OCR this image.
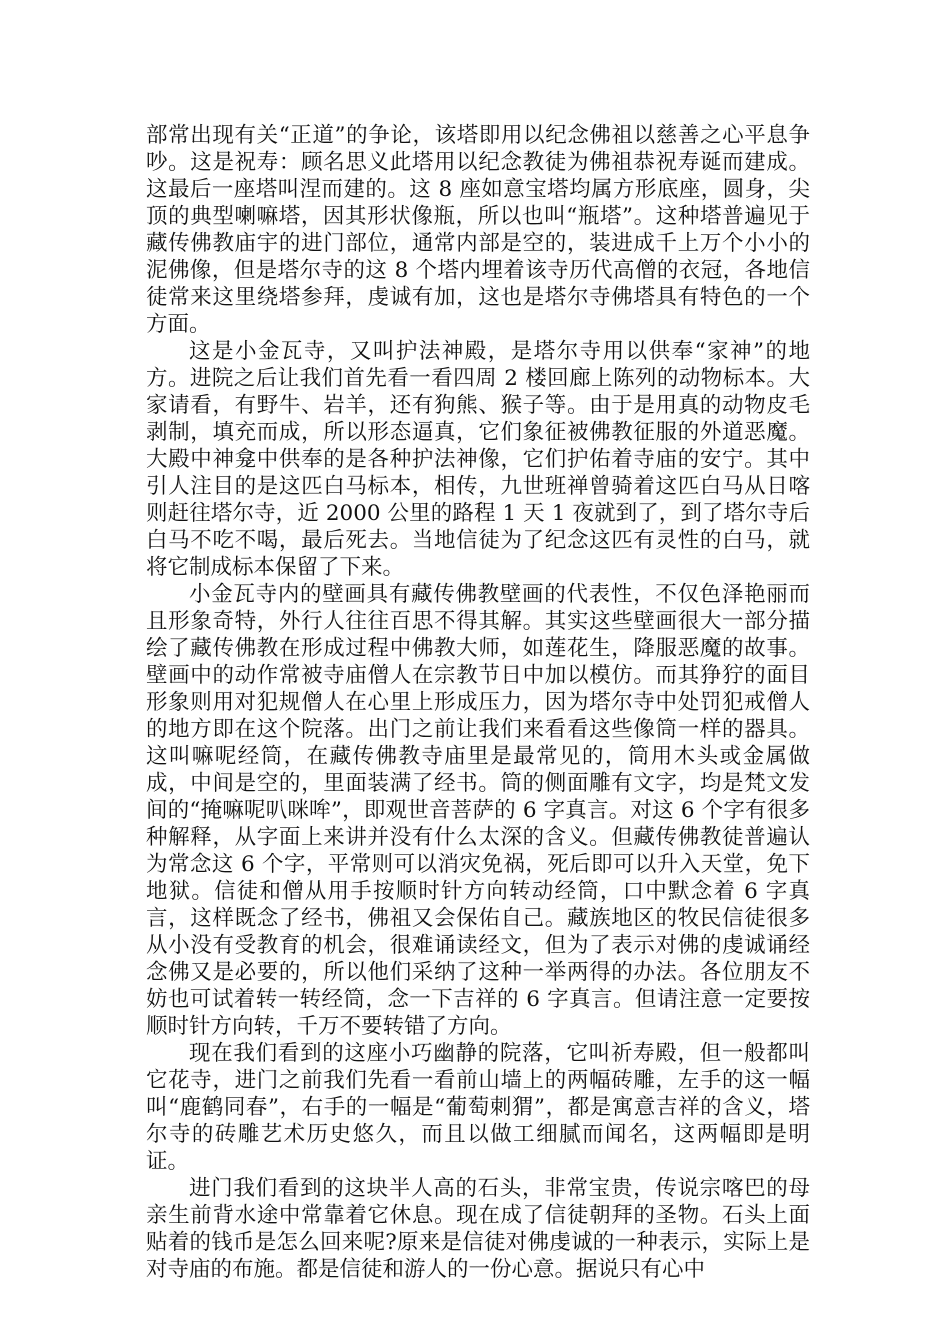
部常出现有关“正道”的争论，该塔即用以纪念佛祖以慈善之心平息争吵。这是祝寿：顾名思义此塔用以纪念教徒为佛祖恭祝寿诞而建成。这最后一座塔叫涅而建的。这 8 座如意宝塔均属方形底座，圆身，尖顶的典型喇嘛塔，因其形状像瓶，所以也叫“瓶塔”。这种塔普遍见于藏传佛教庙宇的进门部位，通常内部是空的，装进成千上万个小小的泥佛像，但是塔尔寺的这 8 个塔内埋着该寺历代高僧的衣冠，各地信徒常来这里绕塔参拜，虔诚有加，这也是塔尔寺佛塔具有特色的一个方面。

这是小金瓦寺，又叫护法神殿，是塔尔寺用以供奉“家神”的地方。进院之后让我们首先看一看四周 2 楼回廊上陈列的动物标本。大家请看，有野牛、岩羊，还有狗熊、猴子等。由于是用真的动物皮毛剥制，填充而成，所以形态逼真，它们象征被佛教征服的外道恶魔。大殿中神龛中供奉的是各种护法神像，它们护佑着寺庙的安宁。其中引人注目的是这匹白马标本，相传，九世班禅曾骑着这匹白马从日喀则赶往塔尔寺，近 2000 公里的路程 1 天 1 夜就到了，到了塔尔寺后白马不吃不喝，最后死去。当地信徒为了纪念这匹有灵性的白马，就将它制成标本保留了下来。

小金瓦寺内的壁画具有藏传佛教壁画的代表性，不仅色泽艳丽而且形象奇特，外行人往往百思不得其解。其实这些壁画很大一部分描绘了藏传佛教在形成过程中佛教大师，如莲花生，降服恶魔的故事。壁画中的动作常被寺庙僧人在宗教节日中加以模仿。而其狰狞的面目形象则用对犯规僧人在心里上形成压力，因为塔尔寺中处罚犯戒僧人的地方即在这个院落。出门之前让我们来看看这些像筒一样的器具。这叫嘛呢经筒，在藏传佛教寺庙里是最常见的，筒用木头或金属做成，中间是空的，里面装满了经书。筒的侧面雕有文字，均是梵文发间的“掩嘛呢叭咪哞”，即观世音菩萨的 6 字真言。对这 6 个字有很多种解释，从字面上来讲并没有什么太深的含义。但藏传佛教徒普遍认为常念这 6 个字，平常则可以消灾免祸，死后即可以升入天堂，免下地狱。信徒和僧从用手按顺时针方向转动经筒，口中默念着 6 字真言，这样既念了经书，佛祖又会保佑自己。藏族地区的牧民信徒很多从小没有受教育的机会，很难诵读经文，但为了表示对佛的虔诚诵经念佛又是必要的，所以他们采纳了这种一举两得的办法。各位朋友不妨也可试着转一转经筒，念一下吉祥的 6 字真言。但请注意一定要按顺时针方向转，千万不要转错了方向。

现在我们看到的这座小巧幽静的院落，它叫祈寿殿，但一般都叫它花寺，进门之前我们先看一看前山墙上的两幅砖雕，左手的这一幅叫“鹿鹤同春”，右手的一幅是“葡萄刺猬”，都是寓意吉祥的含义，塔尔寺的砖雕艺术历史悠久，而且以做工细腻而闻名，这两幅即是明证。

进门我们看到的这块半人高的石头，非常宝贵，传说宗喀巴的母亲生前背水途中常靠着它休息。现在成了信徒朝拜的圣物。石头上面贴着的钱币是怎么回来呢?原来是信徒对佛虔诚的一种表示，实际上是对寺庙的布施。都是信徒和游人的一份心意。据说只有心中
